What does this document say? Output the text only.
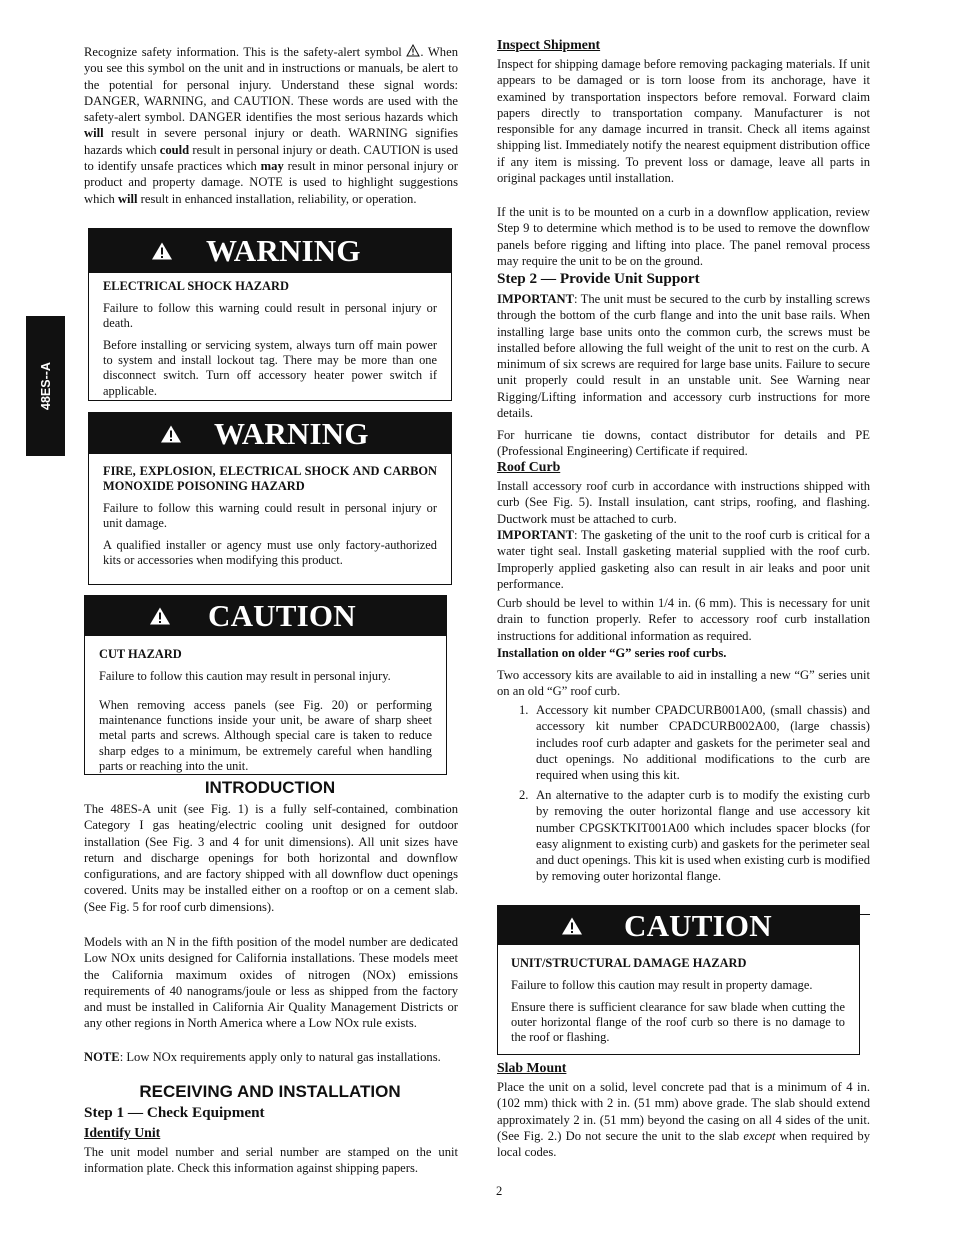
48ES--A
Recognize safety information. This is the safety-alert symbol . When you see this symbol on the unit and in instructions or manuals, be alert to the potential for personal injury. Understand these signal words: DANGER, WARNING, and CAUTION. These words are used with the safety-alert symbol. DANGER identifies the most serious hazards which will result in severe personal injury or death. WARNING signifies hazards which could result in personal injury or death. CAUTION is used to identify unsafe practices which may result in minor personal injury or product and property damage. NOTE is used to highlight suggestions which will result in enhanced installation, reliability, or operation.
WARNING
ELECTRICAL SHOCK HAZARD

Failure to follow this warning could result in personal injury or death.

Before installing or servicing system, always turn off main power to system and install lockout tag. There may be more than one disconnect switch. Turn off accessory heater power switch if applicable.

WARNING
FIRE, EXPLOSION, ELECTRICAL SHOCK AND CARBON MONOXIDE POISONING HAZARD

Failure to follow this warning could result in personal injury or unit damage.

A qualified installer or agency must use only factory-authorized kits or accessories when modifying this product.

CAUTION
CUT HAZARD

Failure to follow this caution may result in personal injury.

When removing access panels (see Fig. 20) or performing maintenance functions inside your unit, be aware of sharp sheet metal parts and screws. Although special care is taken to reduce sharp edges to a minimum, be extremely careful when handling parts or reaching into the unit.

INTRODUCTION

The 48ES-A unit (see Fig. 1) is a fully self-contained, combination Category I gas heating/electric cooling unit designed for outdoor installation (See Fig. 3 and 4 for unit dimensions). All unit sizes have return and discharge openings for both horizontal and downflow configurations, and are factory shipped with all downflow duct openings covered. Units may be installed either on a rooftop or on a cement slab. (See Fig. 5 for roof curb dimensions).

Models with an N in the fifth position of the model number are dedicated Low NOx units designed for California installations. These models meet the California maximum oxides of nitrogen (NOx) emissions requirements of 40 nanograms/joule or less as shipped from the factory and must be installed in California Air Quality Management Districts or any other regions in North America where a Low NOx rule exists.

NOTE: Low NOx requirements apply only to natural gas installations.

RECEIVING AND INSTALLATION
Step 1 — Check Equipment
Identify Unit

The unit model number and serial number are stamped on the unit information plate. Check this information against shipping papers.

Inspect Shipment

Inspect for shipping damage before removing packaging materials. If unit appears to be damaged or is torn loose from its anchorage, have it examined by transportation inspectors before removal. Forward claim papers directly to transportation company. Manufacturer is not responsible for any damage incurred in transit. Check all items against shipping list. Immediately notify the nearest equipment distribution office if any item is missing. To prevent loss or damage, leave all parts in original packages until installation.

If the unit is to be mounted on a curb in a downflow application, review Step 9 to determine which method is to be used to remove the downflow panels before rigging and lifting into place. The panel removal process may require the unit to be on the ground.

Step 2 — Provide Unit Support

IMPORTANT: The unit must be secured to the curb by installing screws through the bottom of the curb flange and into the unit base rails. When installing large base units onto the common curb, the screws must be installed before allowing the full weight of the unit to rest on the curb. A minimum of six screws are required for large base units. Failure to secure unit properly could result in an unstable unit. See Warning near Rigging/Lifting information and accessory curb instructions for more details.

For hurricane tie downs, contact distributor for details and PE (Professional Engineering) Certificate if required.

Roof Curb

Install accessory roof curb in accordance with instructions shipped with curb (See Fig. 5). Install insulation, cant strips, roofing, and flashing. Ductwork must be attached to curb.

IMPORTANT: The gasketing of the unit to the roof curb is critical for a water tight seal. Install gasketing material supplied with the roof curb. Improperly applied gasketing also can result in air leaks and poor unit performance.

Curb should be level to within 1/4 in. (6 mm). This is necessary for unit drain to function properly. Refer to accessory roof curb installation instructions for additional information as required.

Installation on older “G” series roof curbs.

Two accessory kits are available to aid in installing a new “G” series unit on an old “G” roof curb.

1. Accessory kit number CPADCURB001A00, (small chassis) and accessory kit number CPADCURB002A00, (large chassis) includes roof curb adapter and gaskets for the perimeter seal and duct openings. No additional modifications to the curb are required when using this kit.

2. An alternative to the adapter curb is to modify the existing curb by removing the outer horizontal flange and use accessory kit number CPGSKTKIT001A00 which includes spacer blocks (for easy alignment to existing curb) and gaskets for the perimeter seal and duct openings. This kit is used when existing curb is modified by removing outer horizontal flange.

CAUTION
UNIT/STRUCTURAL DAMAGE HAZARD

Failure to follow this caution may result in property damage.

Ensure there is sufficient clearance for saw blade when cutting the outer horizontal flange of the roof curb so there is no damage to the roof or flashing.

Slab Mount

Place the unit on a solid, level concrete pad that is a minimum of 4 in. (102 mm) thick with 2 in. (51 mm) above grade. The slab should extend approximately 2 in. (51 mm) beyond the casing on all 4 sides of the unit. (See Fig. 2.) Do not secure the unit to the slab except when required by local codes.

2
